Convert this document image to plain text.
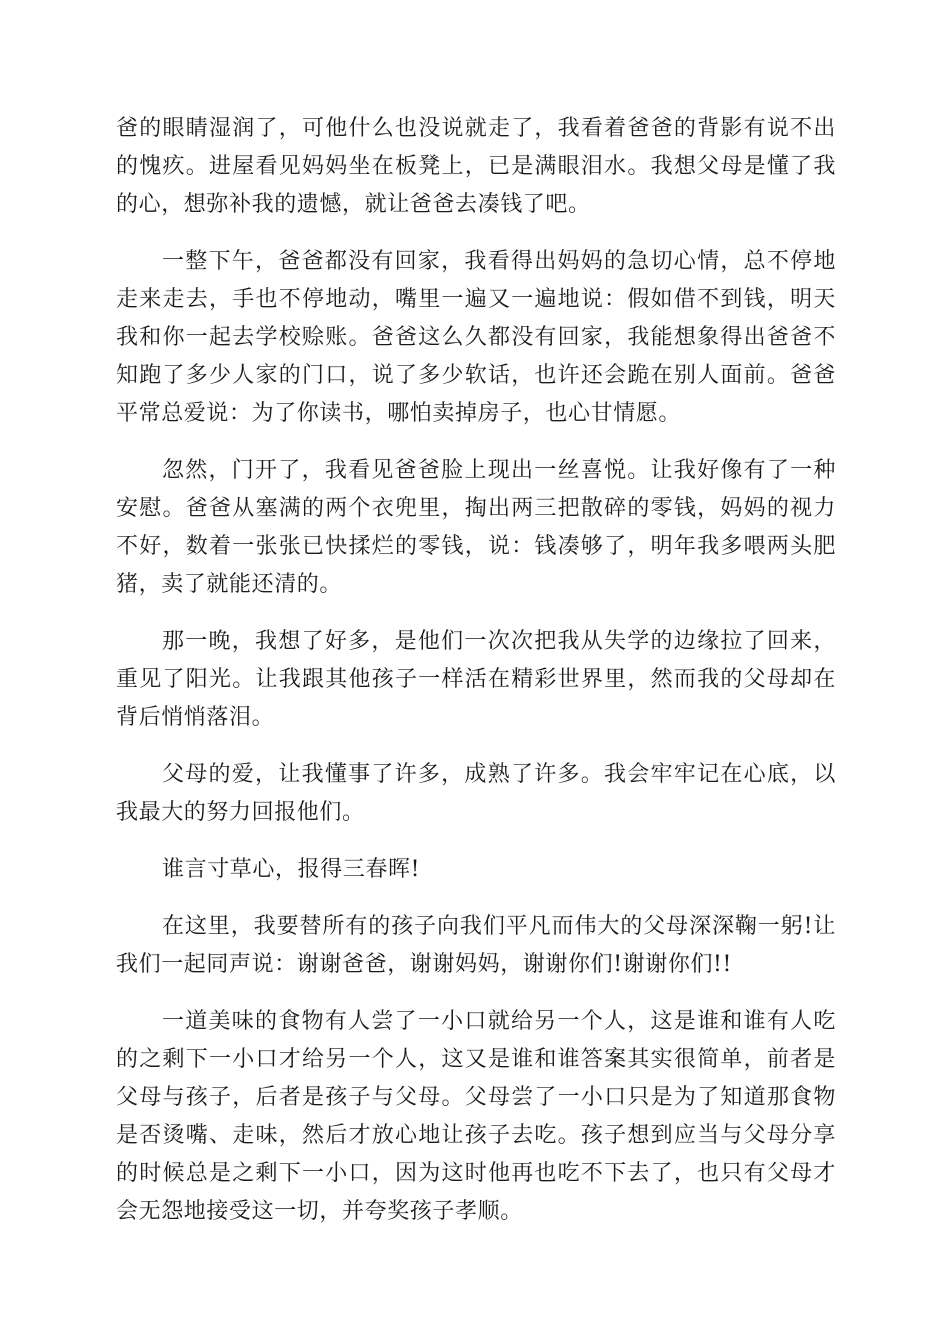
爸的眼睛湿润了，可他什么也没说就走了，我看着爸爸的背影有说不出的愧疚。进屋看见妈妈坐在板凳上，已是满眼泪水。我想父母是懂了我的心，想弥补我的遗憾，就让爸爸去凑钱了吧。

一整下午，爸爸都没有回家，我看得出妈妈的急切心情，总不停地走来走去，手也不停地动，嘴里一遍又一遍地说：假如借不到钱，明天我和你一起去学校赊账。爸爸这么久都没有回家，我能想象得出爸爸不知跑了多少人家的门口，说了多少软话，也许还会跪在别人面前。爸爸平常总爱说：为了你读书，哪怕卖掉房子，也心甘情愿。

忽然，门开了，我看见爸爸脸上现出一丝喜悦。让我好像有了一种安慰。爸爸从塞满的两个衣兜里，掏出两三把散碎的零钱，妈妈的视力不好，数着一张张已快揉烂的零钱，说：钱凑够了，明年我多喂两头肥猪，卖了就能还清的。

那一晚，我想了好多，是他们一次次把我从失学的边缘拉了回来，重见了阳光。让我跟其他孩子一样活在精彩世界里，然而我的父母却在背后悄悄落泪。

父母的爱，让我懂事了许多，成熟了许多。我会牢牢记在心底，以我最大的努力回报他们。

谁言寸草心，报得三春晖!

在这里，我要替所有的孩子向我们平凡而伟大的父母深深鞠一躬!让我们一起同声说：谢谢爸爸，谢谢妈妈，谢谢你们!谢谢你们!!

一道美味的食物有人尝了一小口就给另一个人，这是谁和谁有人吃的之剩下一小口才给另一个人，这又是谁和谁答案其实很简单，前者是父母与孩子，后者是孩子与父母。父母尝了一小口只是为了知道那食物是否烫嘴、走味，然后才放心地让孩子去吃。孩子想到应当与父母分享的时候总是之剩下一小口，因为这时他再也吃不下去了，也只有父母才会无怨地接受这一切，并夸奖孩子孝顺。
